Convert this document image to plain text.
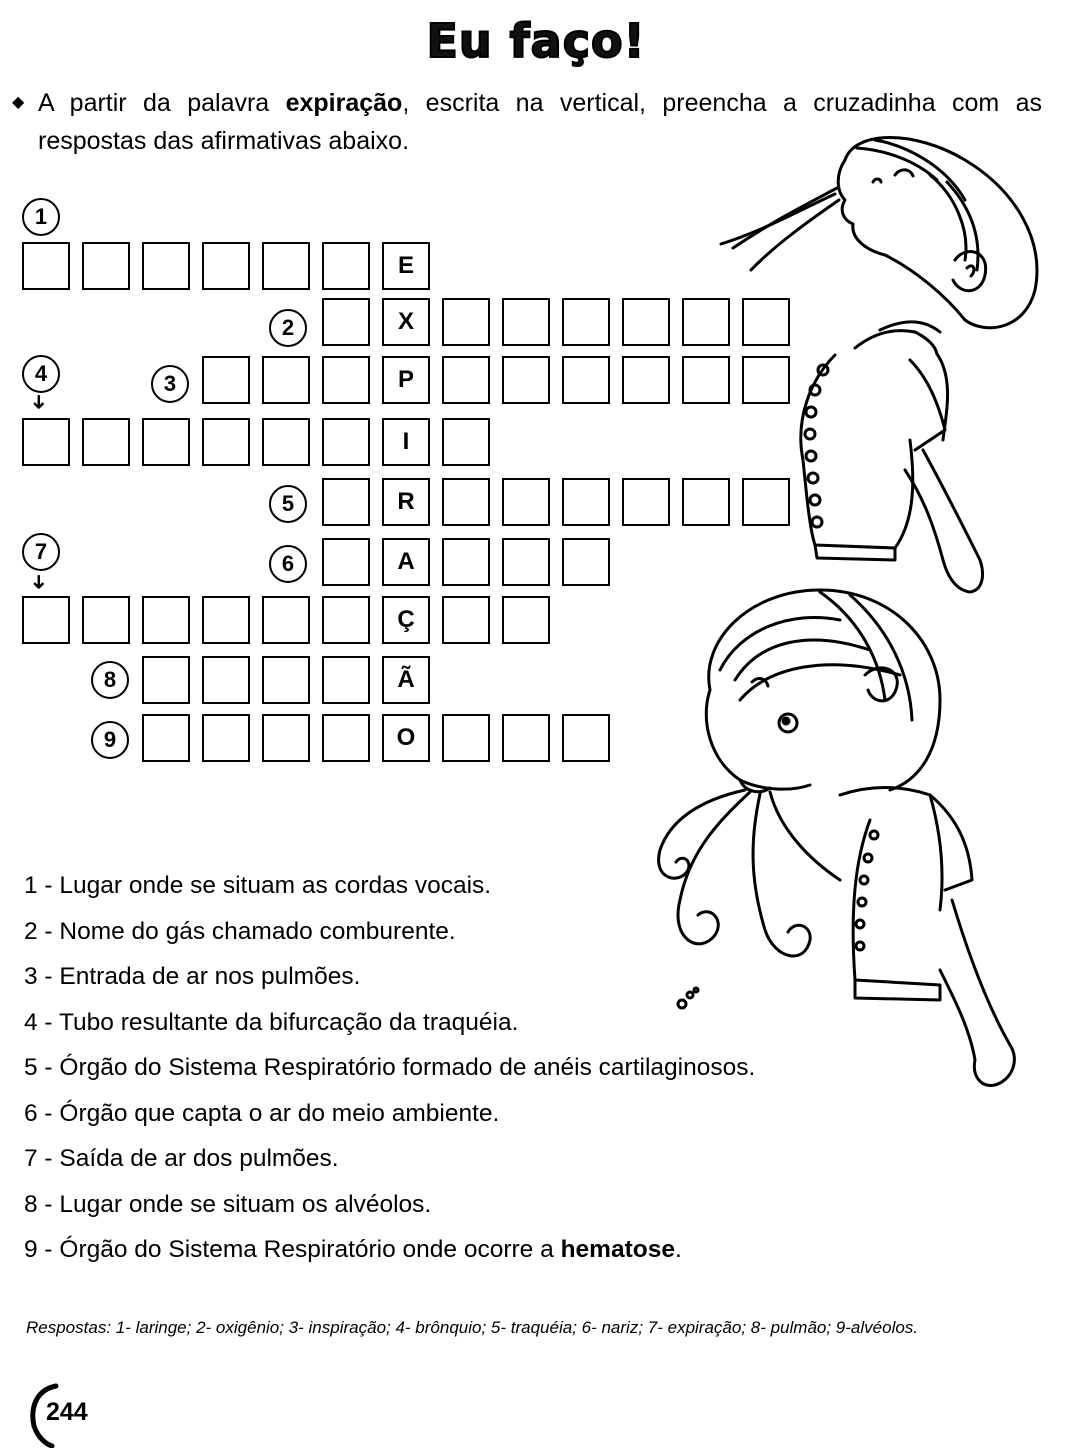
Eu faço!
◆ A partir da palavra expiração, escrita na vertical, preencha a cruzadinha com as respostas das afirmativas abaixo.

E
X
P
I
R
A
Ç
Ã
O
1
2
3
4
5
6
7
8
9
➜
➜
1 - Lugar onde se situam as cordas vocais.
2 - Nome do gás chamado comburente.
3 - Entrada de ar nos pulmões.
4 - Tubo resultante da bifurcação da traquéia.
5 - Órgão do Sistema Respiratório formado de anéis cartilaginosos.
6 - Órgão que capta o ar do meio ambiente.
7 - Saída de ar dos pulmões.
8 - Lugar onde se situam os alvéolos.
9 - Órgão do Sistema Respiratório onde ocorre a hematose.
Respostas: 1- laringe; 2- oxigênio; 3- inspiração; 4- brônquio; 5- traquéia; 6- nariz; 7- expiração; 8- pulmão; 9-alvéolos.
244
